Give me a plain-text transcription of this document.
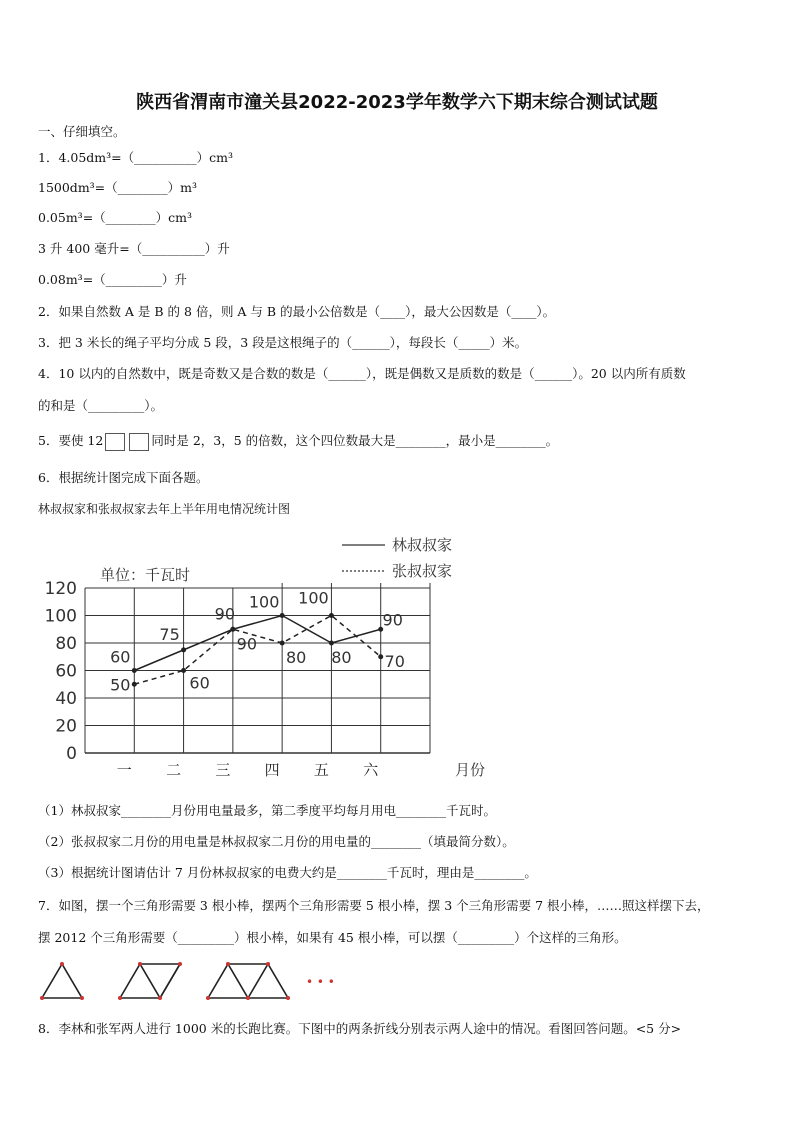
陕西省渭南市潼关县2022-2023学年数学六下期末综合测试试题
一、仔细填空。
1．4.05dm³=（__________）cm³
1500dm³=（________）m³
0.05m³=（________）cm³
3 升 400 毫升=（__________）升
0.08m³=（_________）升
2．如果自然数 A 是 B 的 8 倍，则 A 与 B 的最小公倍数是（____），最大公因数是（____）。
3．把 3 米长的绳子平均分成 5 段，3 段是这根绳子的（______），每段长（_____）米。
4．10 以内的自然数中，既是奇数又是合数的数是（______），既是偶数又是质数的数是（______）。20 以内所有质数
的和是（_________）。
5．要使 12	同时是 2，3，5 的倍数，这个四位数最大是________，最小是________。
6．根据统计图完成下面各题。
林叔叔家和张叔叔家去年上半年用电情况统计图
林叔叔家
张叔叔家
0
20
40
60
80
100
120
一 二 三 四 五 六	月份
单位：千瓦时
60
75
90
100
80
90
50	60
90
80
100
70
（1）林叔叔家________月份用电量最多，第二季度平均每月用电________千瓦时。
（2）张叔叔家二月份的用电量是林叔叔家二月份的用电量的________（填最简分数）。
（3）根据统计图请估计 7 月份林叔叔家的电费大约是________千瓦时，理由是________。
7．如图，摆一个三角形需要 3 根小棒，摆两个三角形需要 5 根小棒，摆 3 个三角形需要 7 根小棒，……照这样摆下去，
摆 2012 个三角形需要（_________）根小棒，如果有 45 根小棒，可以摆（_________）个这样的三角形。
• • •
8．李林和张军两人进行 1000 米的长跑比赛。下图中的两条折线分别表示两人途中的情况。看图回答问题。<5 分>
